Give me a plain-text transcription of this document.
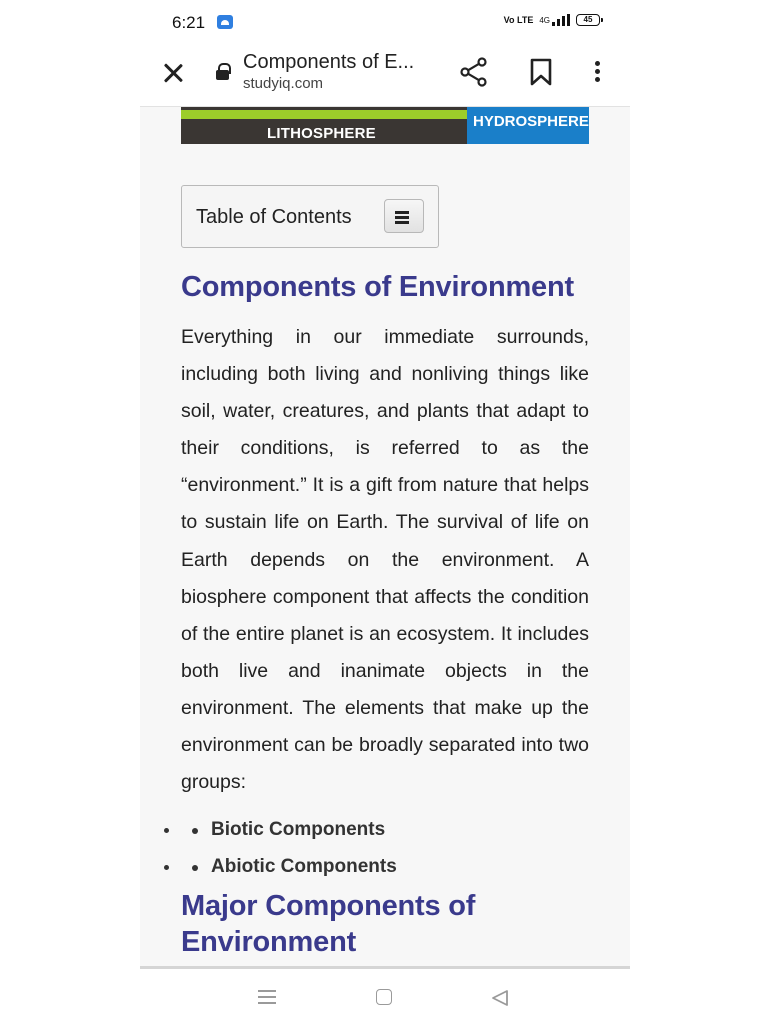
6:21	Vo LTE 4G	45
Components of E...
studyiq.com
LITHOSPHERE
HYDROSPHERE
Table of Contents
Components of Environment

Everything in our immediate surrounds, including both living and nonliving things like soil, water, creatures, and plants that adapt to their conditions, is referred to as the “environment.” It is a gift from nature that helps to sustain life on Earth. The survival of life on Earth depends on the environment. A biosphere component that affects the condition of the entire planet is an ecosystem. It includes both live and inanimate objects in the environment. The elements that make up the environment can be broadly separated into two groups:

• Biotic Components
• Abiotic Components
Major Components of Environment
